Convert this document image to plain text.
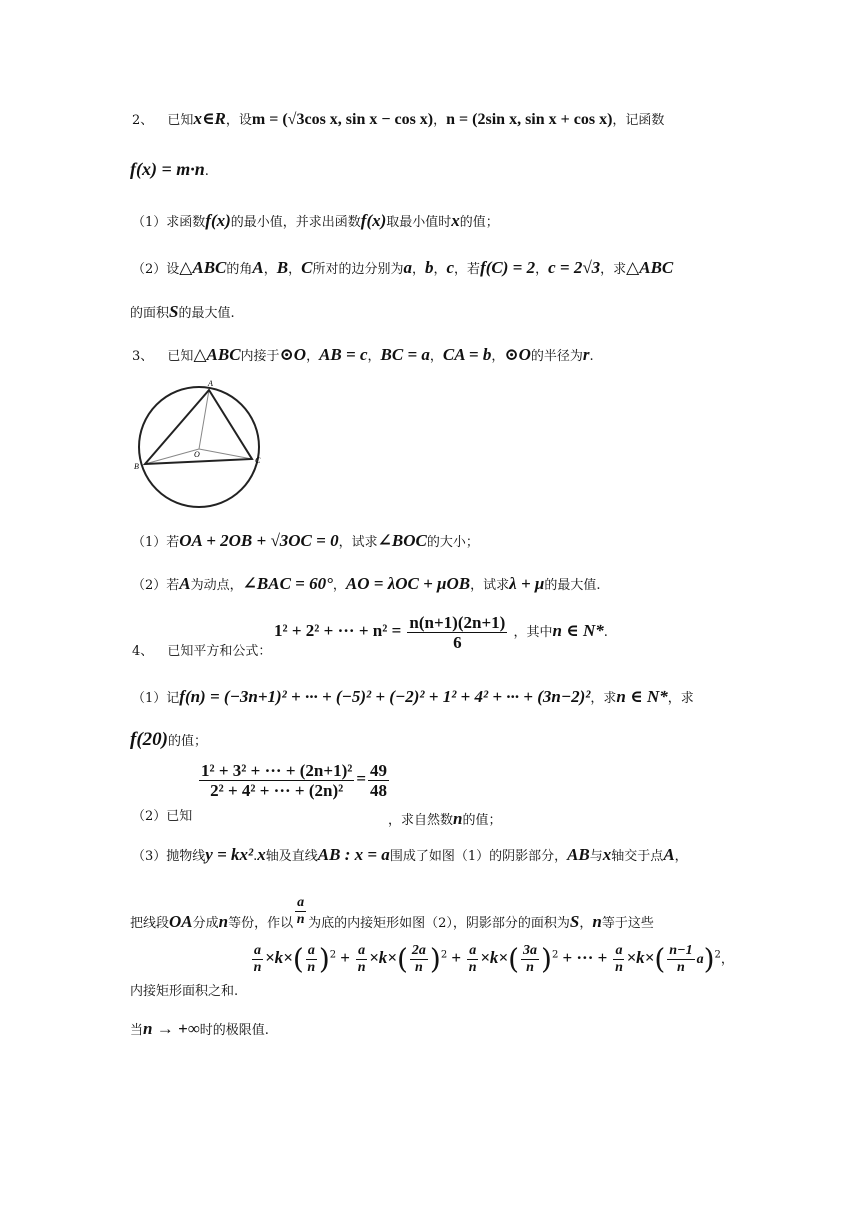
2、 已知x∈R，设m = (√3cos x, sin x − cos x)，n = (2sin x, sin x + cos x)，记函数
f(x) = m·n.
（1）求函数f(x)的最小值，并求出函数f(x)取最小值时x的值；
（2）设△ABC的角A，B，C所对的边分别为a，b，c，若f(C) = 2，c = 2√3，求△ABC
的面积S的最大值.
3、 已知△ABC内接于⊙O，AB = c，BC = a，CA = b，⊙O的半径为r.
A
B
C
O
（1）若OA + 2OB + √3OC = 0，试求∠BOC的大小；
（2）若A为动点，∠BAC = 60°，AO = λOC + μOB，试求λ + μ的最大值.
4、 已知平方和公式：
1² + 2² + ··· + $n^2 = \frac{n(n+1)(2n+1)}{6}$ ，其中n ∈ N*.
（1）记f(n) = (−3n+1)² + ··· + (−5)² + (−2)² + 1² + 4² + ··· + (3n−2)²，求n ∈ N*，求
f(20)的值；
（2）已知
$\frac{\text{1² + 3² + ··· + (2n+1)²}}{\text{2² + 4² + ··· + (2n)²}} = \frac{49}{48}$
，求自然数n的值；
（3）抛物线y = kx².x轴及直线AB : x = a围成了如图（1）的阴影部分，AB与x轴交于点A，
把线段OA分成n等份，作以 $\frac{a}{n}$ 为底的内接矩形如图（2），阴影部分的面积为S，n等于这些
内接矩形面积之和.
$\frac{a}{n} \times k\times( \frac{a}{n} )^2 + \frac{a}{n} \times k\times( \frac{2a}{n} )^2 + \frac{a}{n} \times k\times( \frac{3a}{n} )^2$ + ··· + $\frac{a}{n} \times k\times( \frac{n-1}{n} a)^2$，
当n → +∞时的极限值.
